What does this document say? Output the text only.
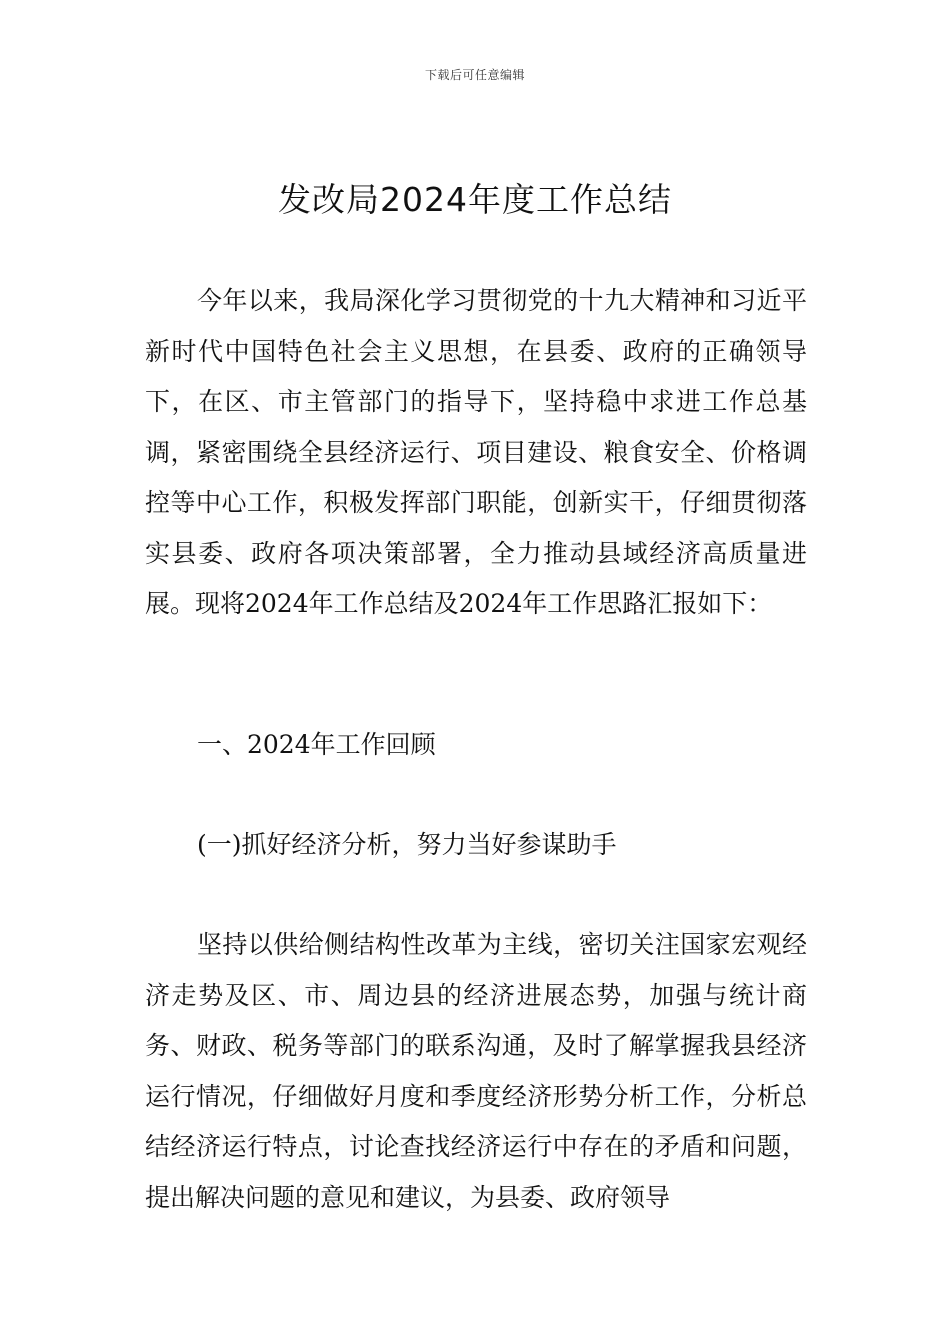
下载后可任意编辑
发改局2024年度工作总结

今年以来，我局深化学习贯彻党的十九大精神和习近平新时代中国特色社会主义思想，在县委、政府的正确领导下，在区、市主管部门的指导下，坚持稳中求进工作总基调，紧密围绕全县经济运行、项目建设、粮食安全、价格调控等中心工作，积极发挥部门职能，创新实干，仔细贯彻落实县委、政府各项决策部署，全力推动县域经济高质量进展。现将2024年工作总结及2024年工作思路汇报如下：

一、2024年工作回顾

(一)抓好经济分析，努力当好参谋助手

坚持以供给侧结构性改革为主线，密切关注国家宏观经济走势及区、市、周边县的经济进展态势，加强与统计商务、财政、税务等部门的联系沟通，及时了解掌握我县经济运行情况，仔细做好月度和季度经济形势分析工作，分析总结经济运行特点，讨论查找经济运行中存在的矛盾和问题，提出解决问题的意见和建议，为县委、政府领导
